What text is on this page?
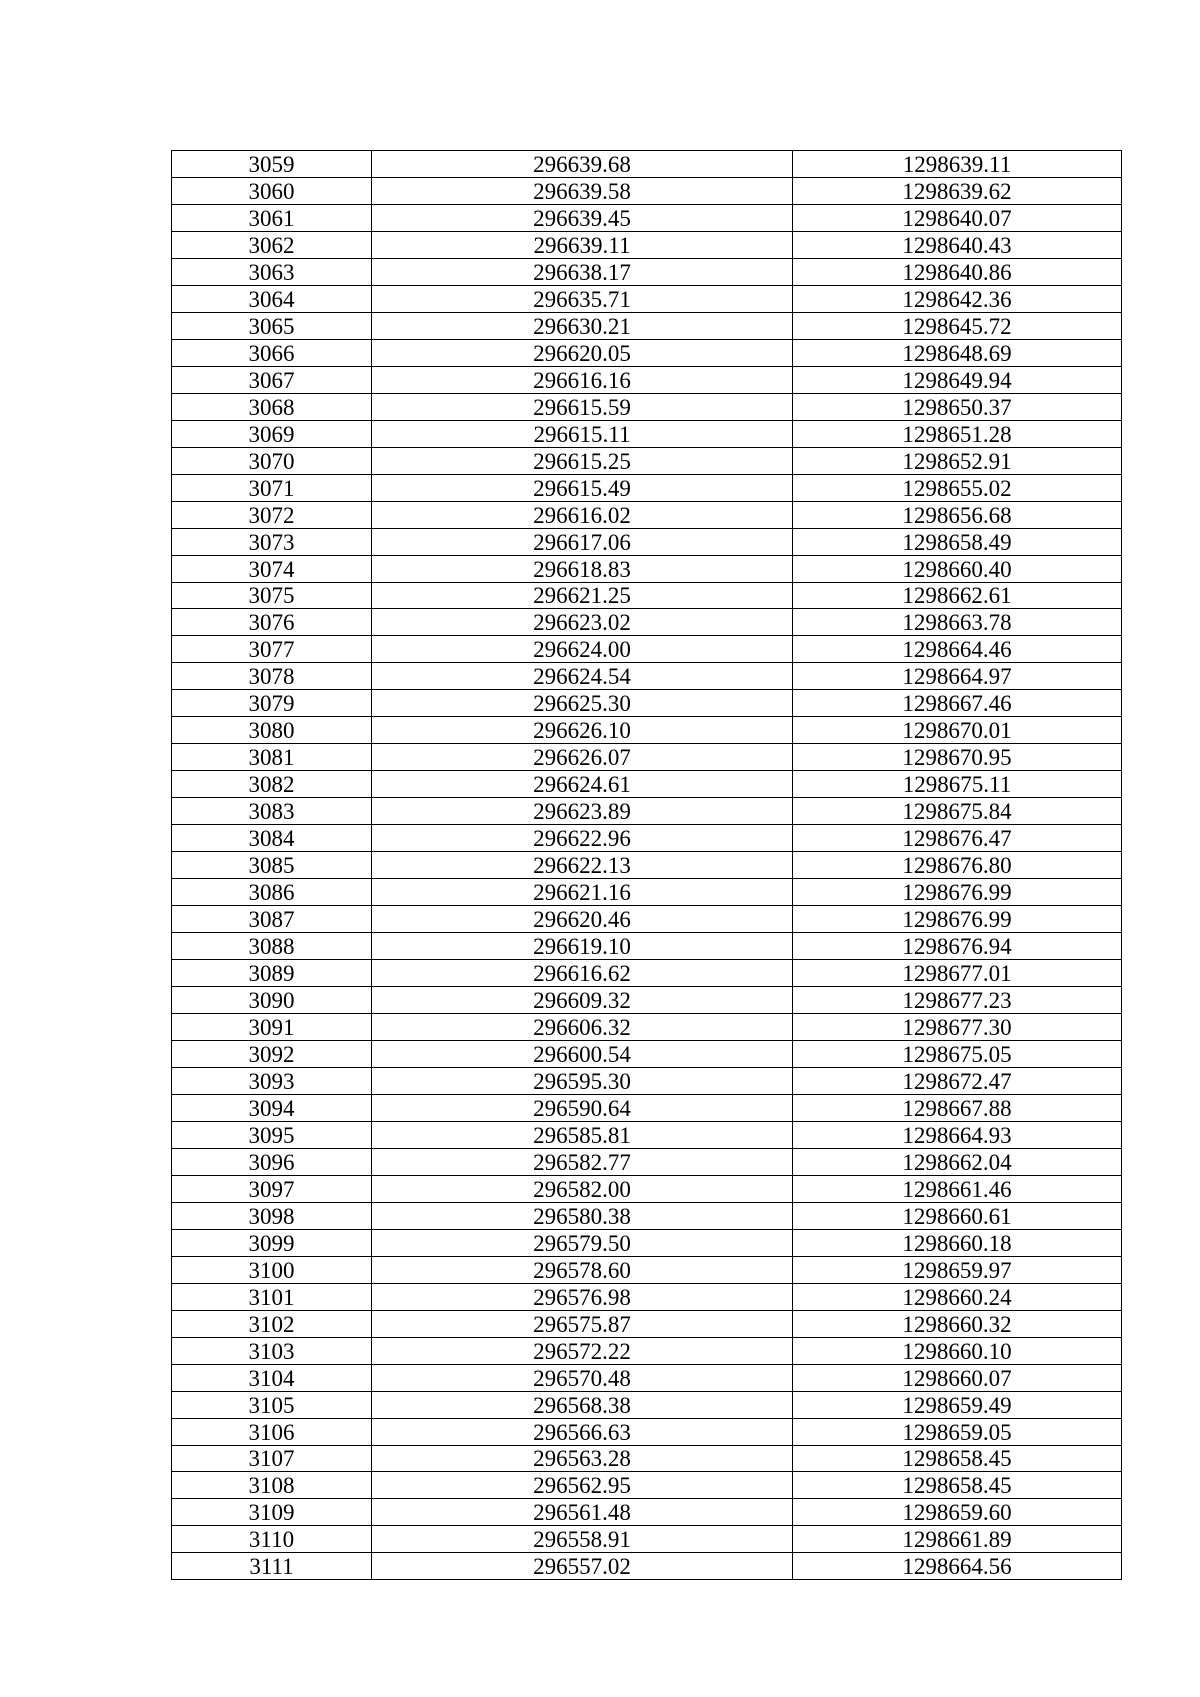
3059	296639.68	1298639.11
3060	296639.58	1298639.62
3061	296639.45	1298640.07
3062	296639.11	1298640.43
3063	296638.17	1298640.86
3064	296635.71	1298642.36
3065	296630.21	1298645.72
3066	296620.05	1298648.69
3067	296616.16	1298649.94
3068	296615.59	1298650.37
3069	296615.11	1298651.28
3070	296615.25	1298652.91
3071	296615.49	1298655.02
3072	296616.02	1298656.68
3073	296617.06	1298658.49
3074	296618.83	1298660.40
3075	296621.25	1298662.61
3076	296623.02	1298663.78
3077	296624.00	1298664.46
3078	296624.54	1298664.97
3079	296625.30	1298667.46
3080	296626.10	1298670.01
3081	296626.07	1298670.95
3082	296624.61	1298675.11
3083	296623.89	1298675.84
3084	296622.96	1298676.47
3085	296622.13	1298676.80
3086	296621.16	1298676.99
3087	296620.46	1298676.99
3088	296619.10	1298676.94
3089	296616.62	1298677.01
3090	296609.32	1298677.23
3091	296606.32	1298677.30
3092	296600.54	1298675.05
3093	296595.30	1298672.47
3094	296590.64	1298667.88
3095	296585.81	1298664.93
3096	296582.77	1298662.04
3097	296582.00	1298661.46
3098	296580.38	1298660.61
3099	296579.50	1298660.18
3100	296578.60	1298659.97
3101	296576.98	1298660.24
3102	296575.87	1298660.32
3103	296572.22	1298660.10
3104	296570.48	1298660.07
3105	296568.38	1298659.49
3106	296566.63	1298659.05
3107	296563.28	1298658.45
3108	296562.95	1298658.45
3109	296561.48	1298659.60
3110	296558.91	1298661.89
3111	296557.02	1298664.56
